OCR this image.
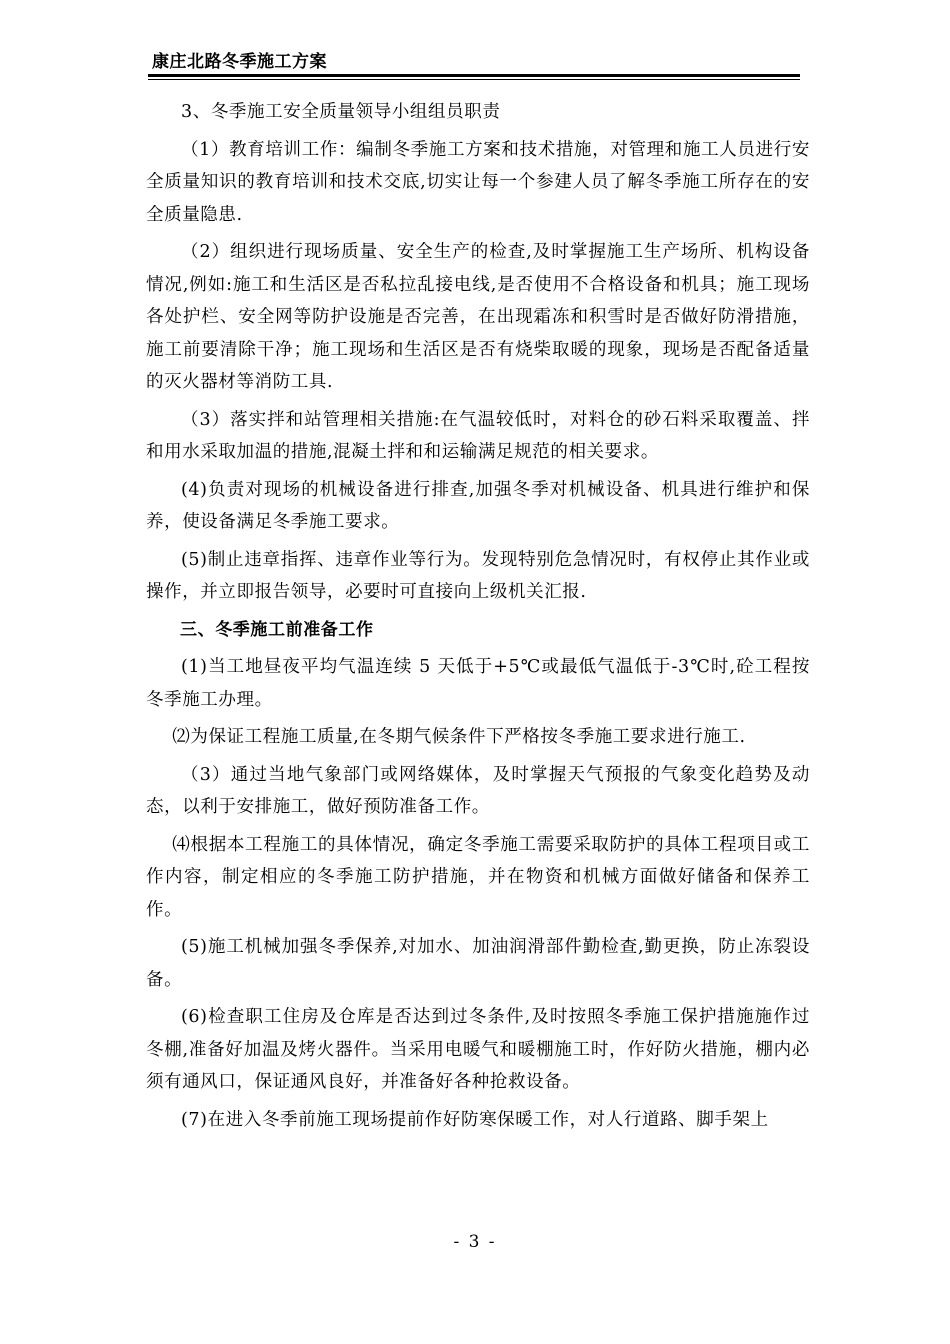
康庄北路冬季施工方案

3、冬季施工安全质量领导小组组员职责

（1）教育培训工作：编制冬季施工方案和技术措施，对管理和施工人员进行安全质量知识的教育培训和技术交底,切实让每一个参建人员了解冬季施工所存在的安全质量隐患.

（2）组织进行现场质量、安全生产的检查,及时掌握施工生产场所、机构设备情况,例如:施工和生活区是否私拉乱接电线,是否使用不合格设备和机具；施工现场各处护栏、安全网等防护设施是否完善，在出现霜冻和积雪时是否做好防滑措施，施工前要清除干净；施工现场和生活区是否有烧柴取暖的现象，现场是否配备适量的灭火器材等消防工具.

（3）落实拌和站管理相关措施:在气温较低时，对料仓的砂石料采取覆盖、拌和用水采取加温的措施,混凝土拌和和运输满足规范的相关要求。

(4)负责对现场的机械设备进行排查,加强冬季对机械设备、机具进行维护和保养，使设备满足冬季施工要求。

(5)制止违章指挥、违章作业等行为。发现特别危急情况时，有权停止其作业或操作，并立即报告领导，必要时可直接向上级机关汇报.

三、冬季施工前准备工作

(1)当工地昼夜平均气温连续 5 天低于+5℃或最低气温低于-3℃时,砼工程按冬季施工办理。

⑵为保证工程施工质量,在冬期气候条件下严格按冬季施工要求进行施工.

（3）通过当地气象部门或网络媒体，及时掌握天气预报的气象变化趋势及动态，以利于安排施工，做好预防准备工作。

⑷根据本工程施工的具体情况，确定冬季施工需要采取防护的具体工程项目或工作内容，制定相应的冬季施工防护措施，并在物资和机械方面做好储备和保养工作。

(5)施工机械加强冬季保养,对加水、加油润滑部件勤检查,勤更换，防止冻裂设备。

(6)检查职工住房及仓库是否达到过冬条件,及时按照冬季施工保护措施施作过冬棚,准备好加温及烤火器件。当采用电暖气和暖棚施工时，作好防火措施，棚内必须有通风口，保证通风良好，并准备好各种抢救设备。

(7)在进入冬季前施工现场提前作好防寒保暖工作，对人行道路、脚手架上

- 3 -
